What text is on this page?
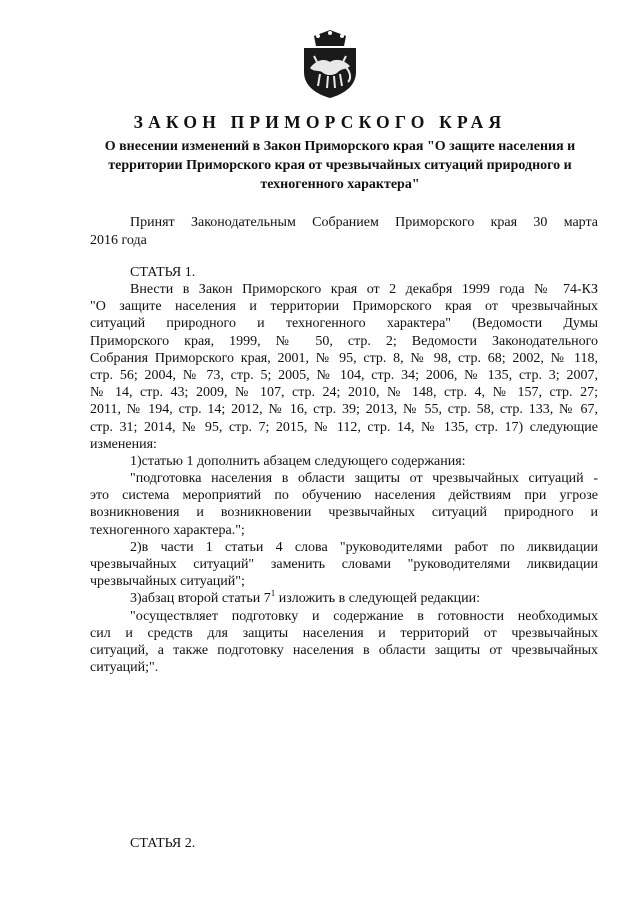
ЗАКОН ПРИМОРСКОГО КРАЯ
О внесении изменений в Закон Приморского края "О защите населения и территории Приморского края от чрезвычайных ситуаций природного и техногенного характера"
Принят Законодательным Собранием Приморского края 30 марта
2016 года
СТАТЬЯ 1.
Внести в Закон Приморского края от 2 декабря 1999 года № 74-КЗ
"О защите населения и территории Приморского края от чрезвычайных
ситуаций природного и техногенного характера" (Ведомости Думы
Приморского края, 1999, № 50, стр. 2; Ведомости Законодательного
Собрания Приморского края, 2001, № 95, стр. 8, № 98, стр. 68; 2002, № 118,
стр. 56; 2004, № 73, стр. 5; 2005, № 104, стр. 34; 2006, № 135, стр. 3; 2007,
№ 14, стр. 43; 2009, № 107, стр. 24; 2010, № 148, стр. 4, № 157, стр. 27;
2011, № 194, стр. 14; 2012, № 16, стр. 39; 2013, № 55, стр. 58, стр. 133, № 67,
стр. 31; 2014, № 95, стр. 7; 2015, № 112, стр. 14, № 135, стр. 17) следующие
изменения:
1)статью 1 дополнить абзацем следующего содержания:
"подготовка населения в области защиты от чрезвычайных ситуаций -
это система мероприятий по обучению населения действиям при угрозе
возникновения и возникновении чрезвычайных ситуаций природного и
техногенного характера.";
2)в части 1 статьи 4 слова "руководителями работ по ликвидации
чрезвычайных ситуаций" заменить словами "руководителями ликвидации
чрезвычайных ситуаций";
3)абзац второй статьи $7^1$ изложить в следующей редакции:
"осуществляет подготовку и содержание в готовности необходимых
сил и средств для защиты населения и территорий от чрезвычайных
ситуаций, а также подготовку населения в области защиты от чрезвычайных
ситуаций;".
СТАТЬЯ 2.
